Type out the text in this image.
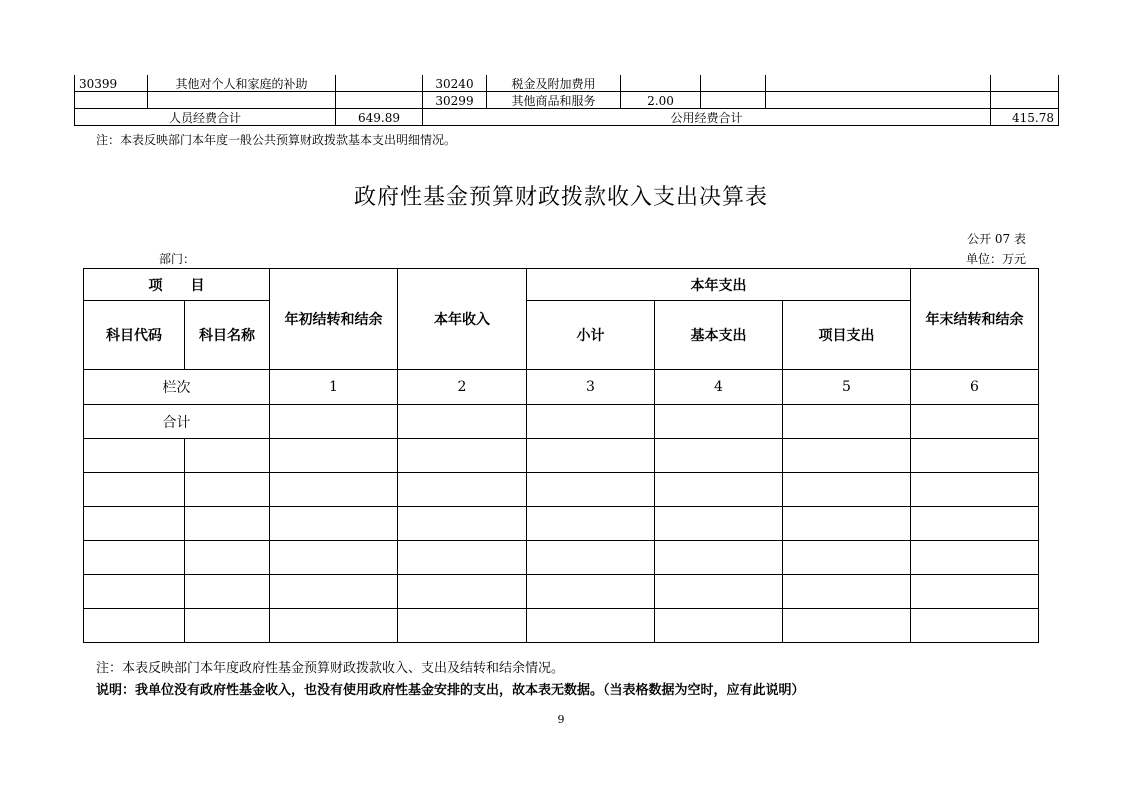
30399	其他对个人和家庭的补助		30240	税金及附加费用				
			30299	其他商品和服务	2.00			
人员经费合计		649.89	公用经费合计					415.78
注：本表反映部门本年度一般公共预算财政拨款基本支出明细情况。
政府性基金预算财政拨款收入支出决算表
公开 07 表
部门：	单位：万元
项　　目		年初结转和结余	本年收入	本年支出			年末结转和结余
科目代码	科目名称			小计	基本支出	项目支出	
栏次		1	2	3	4	5	6
合计							

注：本表反映部门本年度政府性基金预算财政拨款收入、支出及结转和结余情况。
说明：我单位没有政府性基金收入，也没有使用政府性基金安排的支出，故本表无数据。（当表格数据为空时，应有此说明）
9
